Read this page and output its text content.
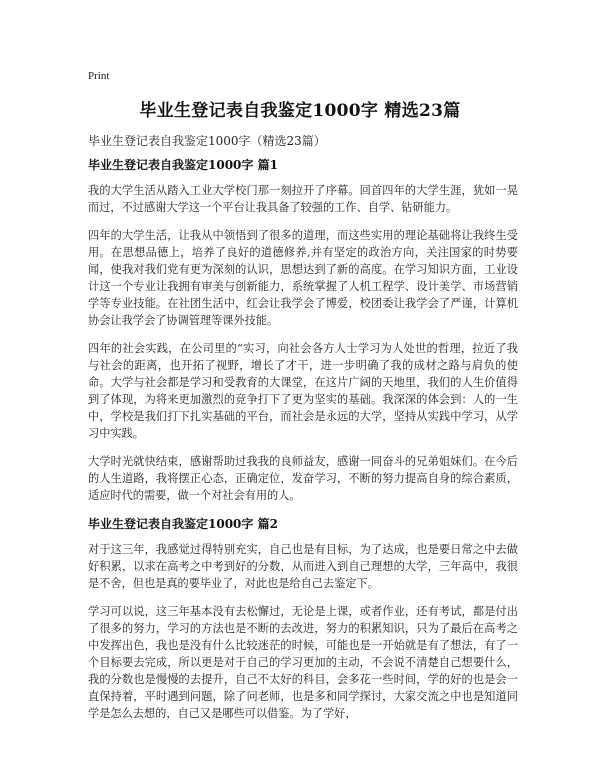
Print
毕业生登记表自我鉴定1000字 精选23篇

毕业生登记表自我鉴定1000字（精选23篇）

毕业生登记表自我鉴定1000字 篇1

我的大学生活从踏入工业大学校门那一刻拉开了序幕。回首四年的大学生涯，犹如一晃而过，不过感谢大学这一个平台让我具备了较强的工作、自学、钻研能力。

四年的大学生活，让我从中领悟到了很多的道理，而这些实用的理论基础将让我终生受用。在思想品德上，培养了良好的道德修养,并有坚定的政治方向，关注国家的时势要闻，使我对我们党有更为深刻的认识，思想达到了新的高度。在学习知识方面，工业设计这一个专业让我拥有审美与创新能力，系统掌握了人机工程学、设计美学、市场营销学等专业技能。在社团生活中，红会让我学会了博爱，校团委让我学会了严谨，计算机协会让我学会了协调管理等课外技能。

四年的社会实践，在公司里的“实习，向社会各方人士学习为人处世的哲理，拉近了我与社会的距离，也开拓了视野，增长了才干，进一步明确了我的成材之路与肩负的使命。大学与社会都是学习和受教育的大课堂，在这片广阔的天地里，我们的人生价值得到了体现，为将来更加激烈的竞争打下了更为坚实的基础。我深深的体会到：人的一生中，学校是我们打下扎实基础的平台，而社会是永远的大学，坚持从实践中学习，从学习中实践。

大学时光就快结束，感谢帮助过我我的良师益友，感谢一同奋斗的兄弟姐妹们。在今后的人生道路，我将摆正心态，正确定位，发奋学习，不断的努力提高自身的综合素质，适应时代的需要，做一个对社会有用的人。

毕业生登记表自我鉴定1000字 篇2

对于这三年，我感觉过得特别充实，自己也是有目标，为了达成，也是要日常之中去做好积累，以求在高考之中考到好的分数，从而进入到自己理想的大学，三年高中，我很是不舍，但也是真的要毕业了，对此也是给自己去鉴定下。

学习可以说，这三年基本没有去松懈过，无论是上课，或者作业，还有考试，都是付出了很多的努力，学习的方法也是不断的去改进，努力的积累知识，只为了最后在高考之中发挥出色，我也是没有什么比较迷茫的时候，可能也是一开始就是有了想法，有了一个目标要去完成，所以更是对于自己的学习更加的主动，不会说不清楚自己想要什么，我的分数也是慢慢的去提升，自己不太好的科目，会多花一些时间，学的好的也是会一直保持着，平时遇到问题，除了问老师，也是多和同学探讨，大家交流之中也是知道同学是怎么去想的，自己又是哪些可以借鉴。为了学好，
